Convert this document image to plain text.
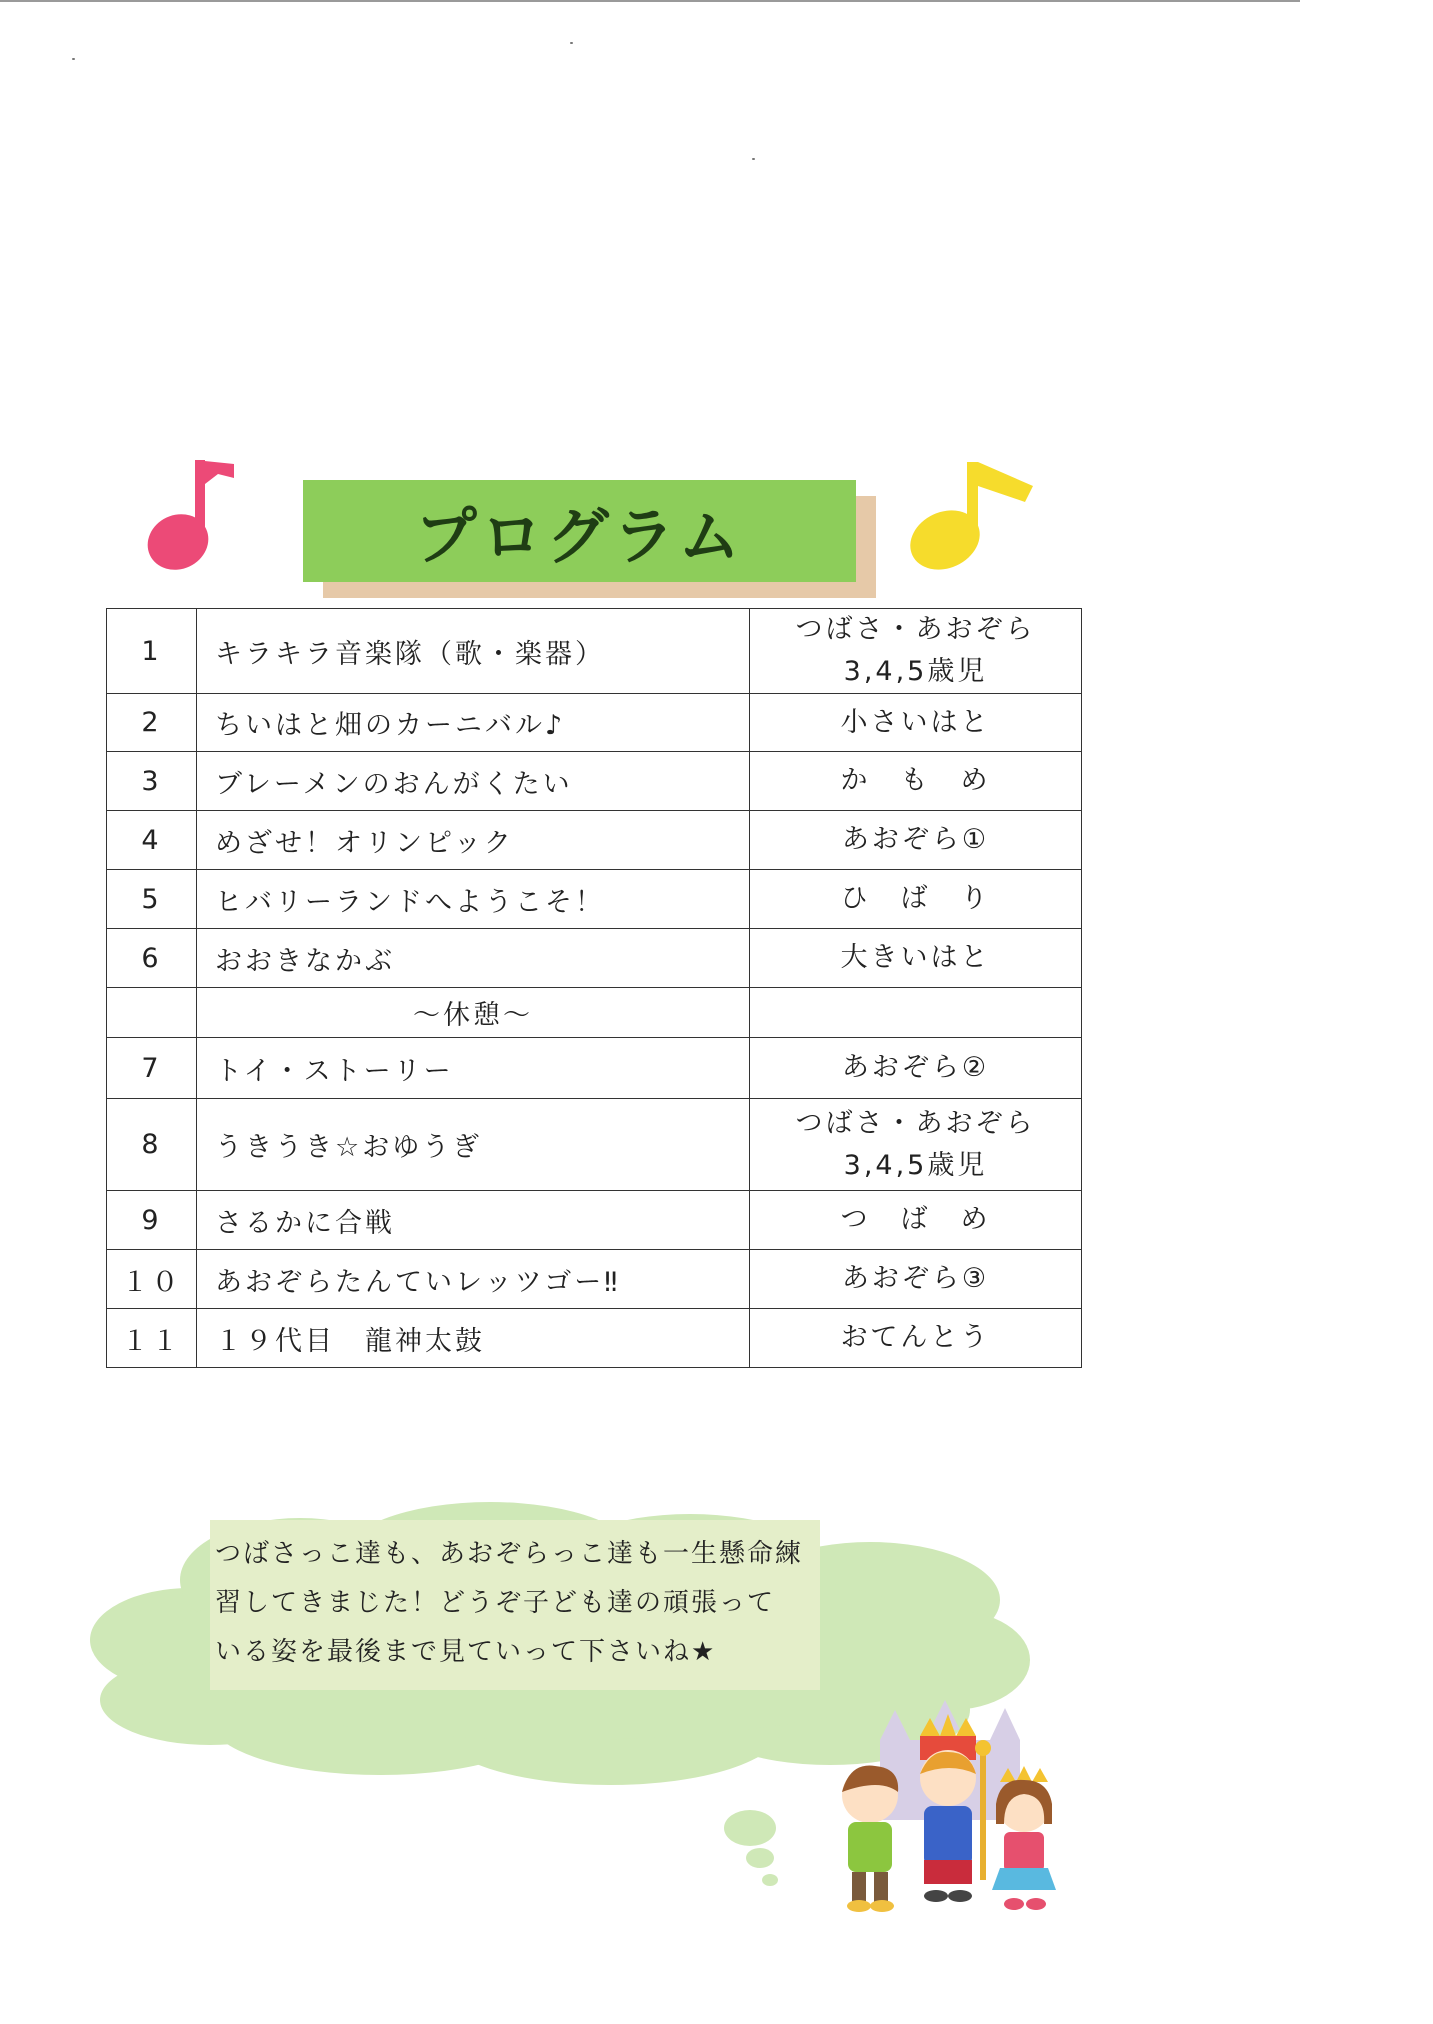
プログラム
1	キラキラ音楽隊（歌・楽器）	つばさ・あおぞら
3,4,5歳児

2	ちいはと畑のカーニバル♪	小さいはと

3	ブレーメンのおんがくたい	か　も　め

4	めざせ！オリンピック	あおぞら①

5	ヒバリーランドへようこそ！	ひ　ば　り

6	おおきなかぶ	大きいはと

	～休憩～	

7	トイ・ストーリー	あおぞら②

8	うきうき☆おゆうぎ	つばさ・あおぞら
3,4,5歳児

9	さるかに合戦	つ　ば　め

１０	あおぞらたんていレッツゴー‼	あおぞら③

１１	１９代目　龍神太鼓	おてんとう
つばさっこ達も、あおぞらっこ達も一生懸命練
習してきまじた！どうぞ子ども達の頑張って
いる姿を最後まで見ていって下さいね★
